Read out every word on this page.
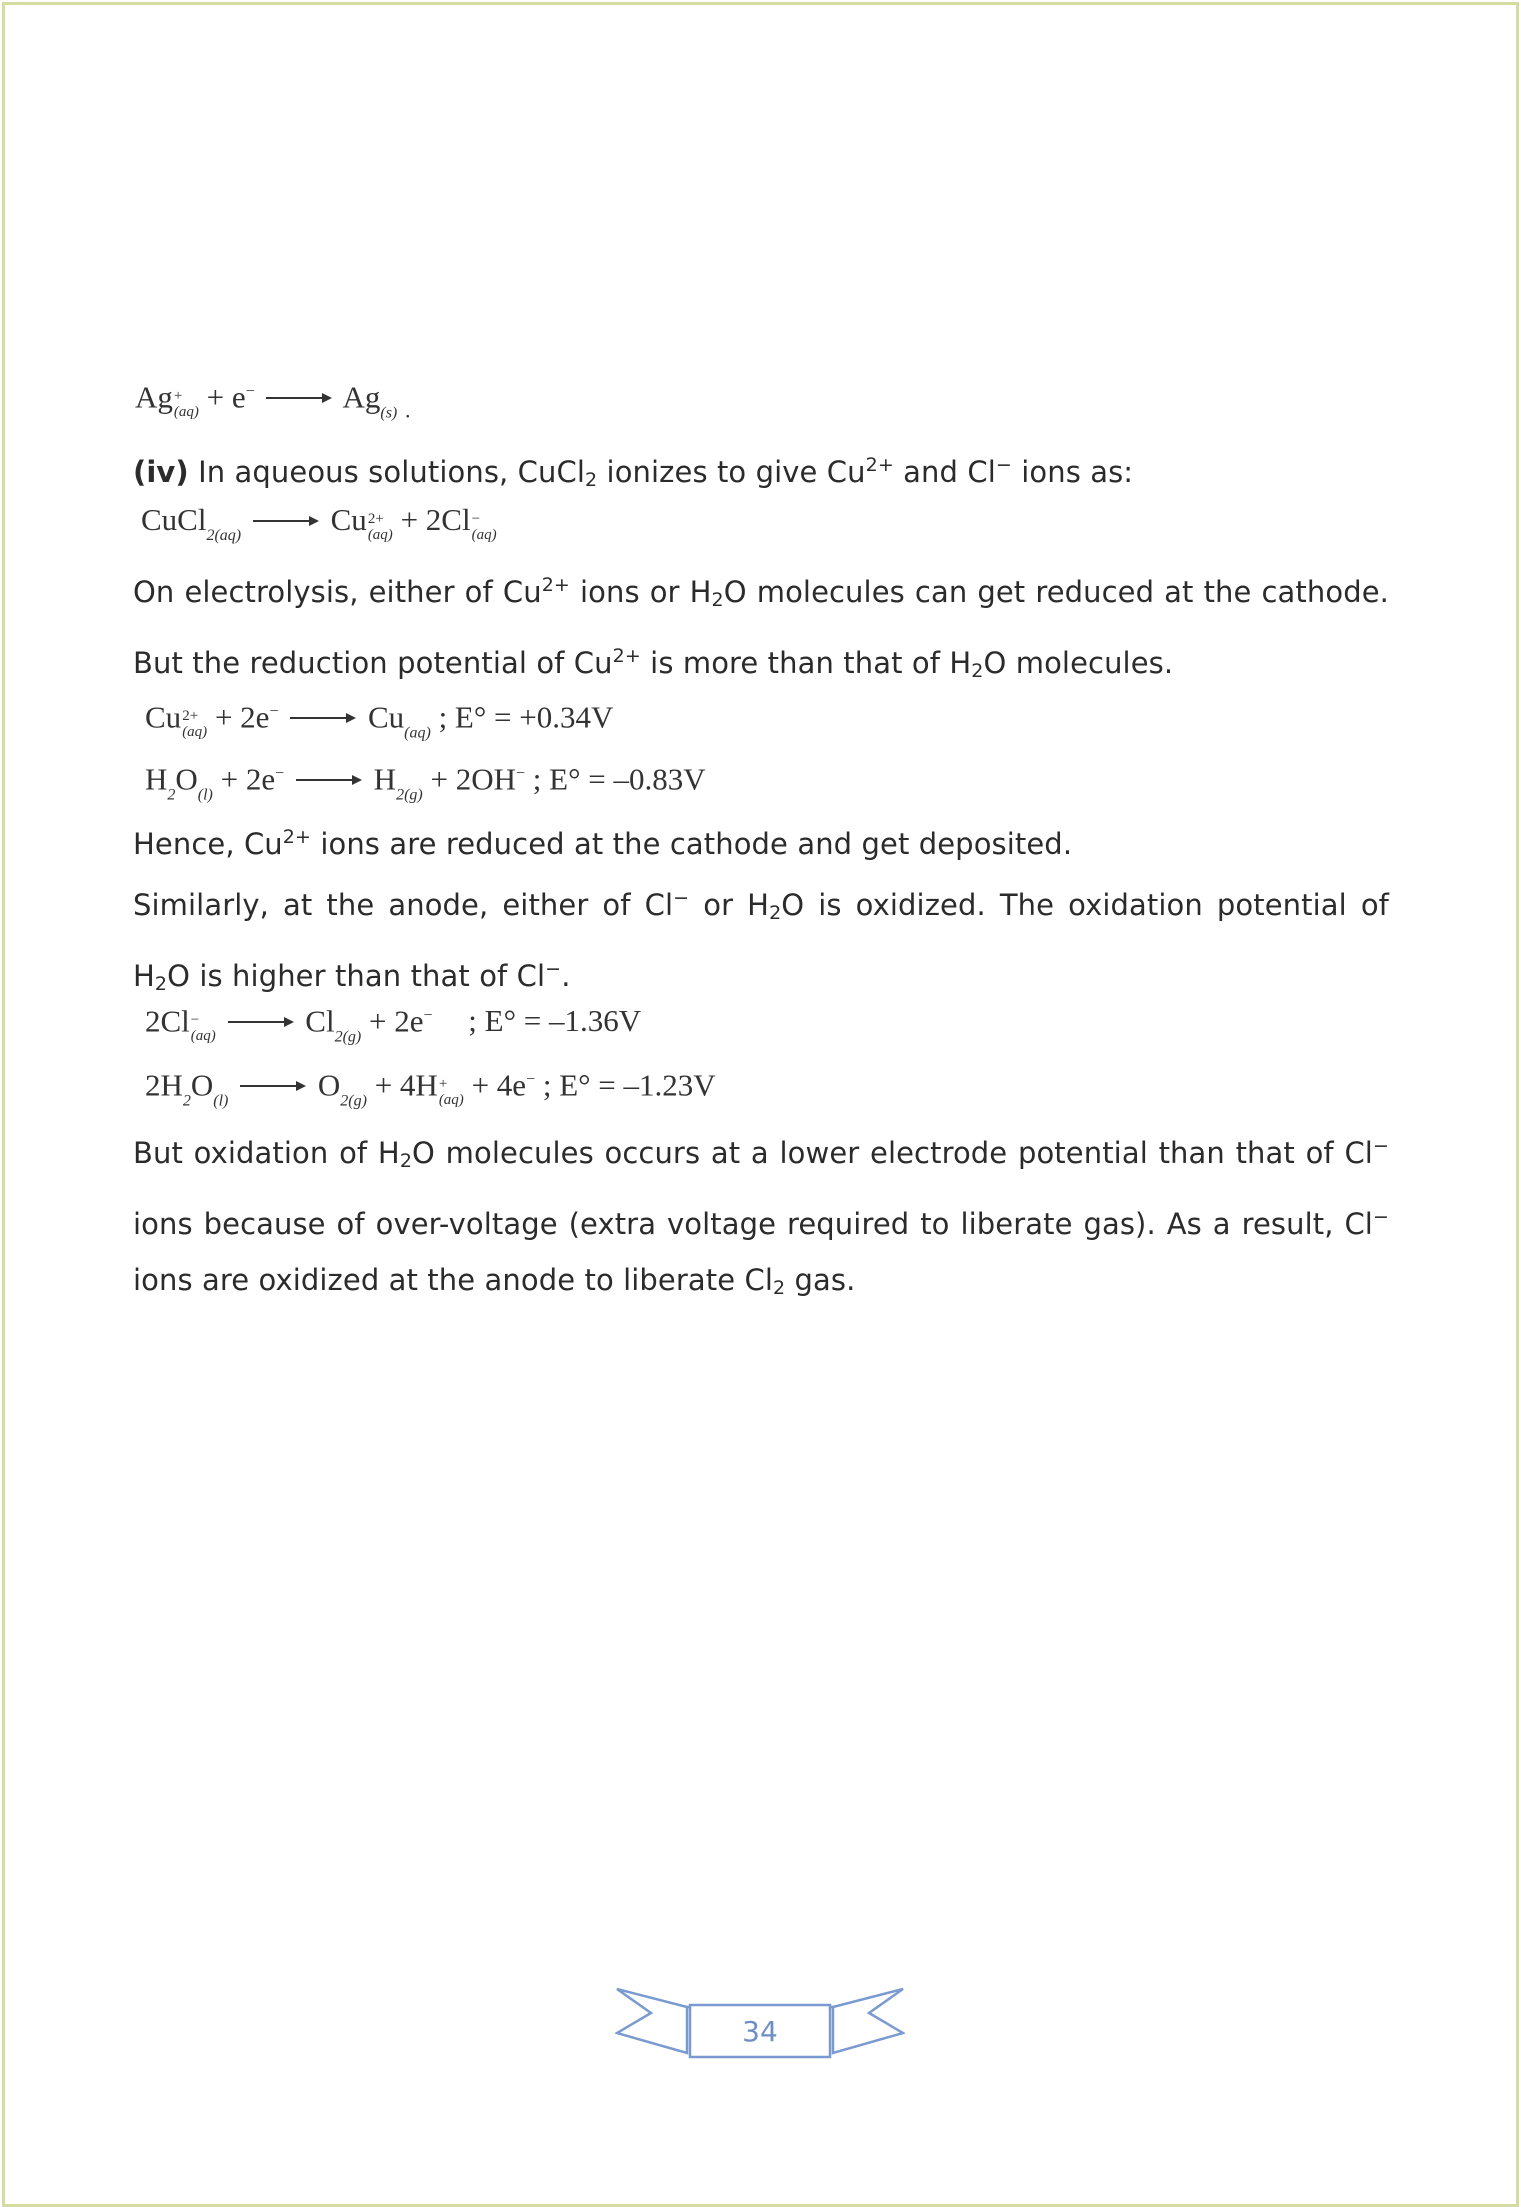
Ag +
$(aq) + e^- \to Ag_{(s)}$ $_.$

(iv) In aqueous solutions, CuCl$_2$ ionizes to give $Cu^{2+}$ and Cl− ions as:

CuCl$_{2(aq)}$ → Cu 2+
(aq) + 2Cl −
(aq)

On electrolysis, either of $Cu^{2+}$ ions or $H_2O$ molecules can get reduced at the cathode. But the reduction potential of $Cu^{2+}$ is more than that of $H_2O$ molecules.

Cu 2+
$(aq) + 2e^- \to Cu_{(aq)}$ ; E° = +0.34V
$H_2O_{(l)} + 2e^- \to H_{2(g)} + 2OH^-$ ; E° = –0.83V

Hence, $Cu^{2+}$ ions are reduced at the cathode and get deposited.

Similarly, at the anode, either of Cl− or $H_2O$ is oxidized. The oxidation potential of $H_2O$ is higher than that of Cl−.

2Cl −
$(aq) \to Cl_{2(g)} + 2e^-$ ; E° = –1.36V
$2H_2O_{(l)} \to O_{2(g)} + 4H$ +
(aq) + 4e− ; E° = –1.23V

But oxidation of $H_2O$ molecules occurs at a lower electrode potential than that of Cl− ions because of over-voltage (extra voltage required to liberate gas). As a result, Cl− ions are oxidized at the anode to liberate $Cl_2$ gas.

34
